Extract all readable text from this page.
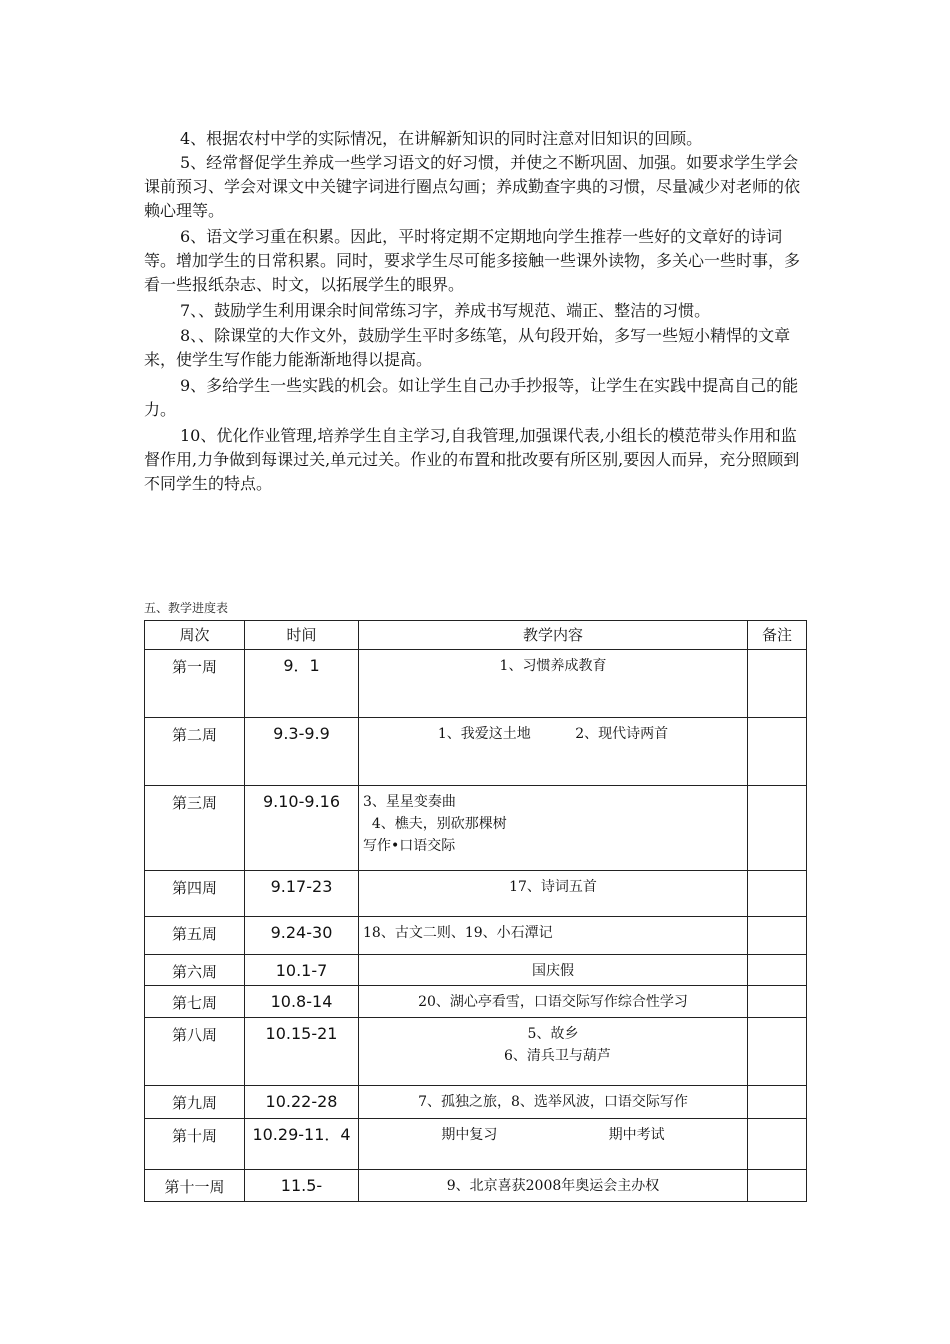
4、根据农村中学的实际情况，在讲解新知识的同时注意对旧知识的回顾。

5、经常督促学生养成一些学习语文的好习惯，并使之不断巩固、加强。如要求学生学会课前预习、学会对课文中关键字词进行圈点勾画；养成勤查字典的习惯，尽量减少对老师的依赖心理等。

6、语文学习重在积累。因此，平时将定期不定期地向学生推荐一些好的文章好的诗词等。增加学生的日常积累。同时，要求学生尽可能多接触一些课外读物，多关心一些时事，多看一些报纸杂志、时文，以拓展学生的眼界。

7、、鼓励学生利用课余时间常练习字，养成书写规范、端正、整洁的习惯。

8、、除课堂的大作文外，鼓励学生平时多练笔，从句段开始，多写一些短小精悍的文章来，使学生写作能力能渐渐地得以提高。

9、多给学生一些实践的机会。如让学生自己办手抄报等，让学生在实践中提高自己的能力。

10、优化作业管理,培养学生自主学习,自我管理,加强课代表,小组长的模范带头作用和监督作用,力争做到每课过关,单元过关。作业的布置和批改要有所区别,要因人而异，充分照顾到不同学生的特点。

五、教学进度表
周次	时间	教学内容	备注
第一周	9．1	1、习惯养成教育	

第二周	9.3-9.9	1、我爱这土地          2、现代诗两首	

第三周	9.10-9.16	3、星星变奏曲
4、樵夫，别砍那棵树
写作•口语交际	

第四周	9.17-23	17、诗词五首	

第五周	9.24-30	18、古文二则、19、小石潭记	

第六周	10.1-7	国庆假	

第七周	10.8-14	20、湖心亭看雪，口语交际写作综合性学习	

第八周	10.15-21	5、故乡
6、清兵卫与葫芦	

第九周	10.22-28	7、孤独之旅，8、选举风波，口语交际写作	

第十周	10.29-11．4	期中复习                         期中考试	

第十一周	11.5-	9、北京喜获2008年奥运会主办权	
